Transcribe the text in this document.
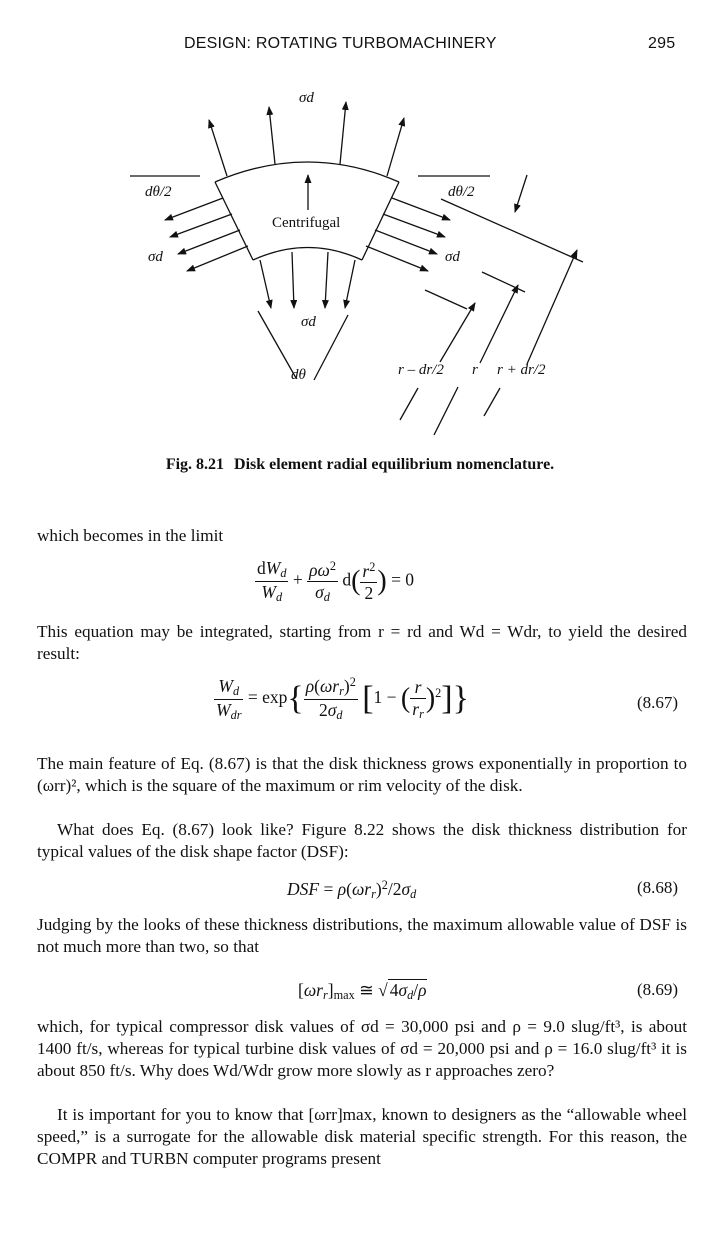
DESIGN: ROTATING TURBOMACHINERY	295
σd
dθ/2	dθ/2
σd	σd
σd
dθ	r – dr/2 r r + dr/2
Centrifugal
Fig. 8.21 Disk element radial equilibrium nomenclature.

which becomes in the limit

$\frac{dW_d}{W_d} + \frac{\rho\omega^2}{\sigma_d} d( \frac{r^2}{2}$ ) = 0

This equation may be integrated, starting from r = rd and Wd = Wdr, to yield the desired result:

$\frac{W_d}{W_{dr}} = \exp\{ \frac{\rho(\omega r_r)^2}{2\sigma_d} [1$ − ( $\frac{r}{r_r} )^2$]}	(8.67)

The main feature of Eq. (8.67) is that the disk thickness grows exponentially in proportion to (ωrr)², which is the square of the maximum or rim velocity of the disk.

What does Eq. (8.67) look like? Figure 8.22 shows the disk thickness distribution for typical values of the disk shape factor (DSF):

DSF = $\rho(\omega r_r)^2/2\sigma_d$	(8.68)

Judging by the looks of these thickness distributions, the maximum allowable value of DSF is not much more than two, so that

$[\omega r_r]_{max}$ ≅ √ $4\sigma_d/\rho$	(8.69)

which, for typical compressor disk values of σd = 30,000 psi and ρ = 9.0 slug/ft³, is about 1400 ft/s, whereas for typical turbine disk values of σd = 20,000 psi and ρ = 16.0 slug/ft³ it is about 850 ft/s. Why does Wd/Wdr grow more slowly as r approaches zero?

It is important for you to know that [ωrr]max, known to designers as the “allowable wheel speed,” is a surrogate for the allowable disk material specific strength. For this reason, the COMPR and TURBN computer programs present
